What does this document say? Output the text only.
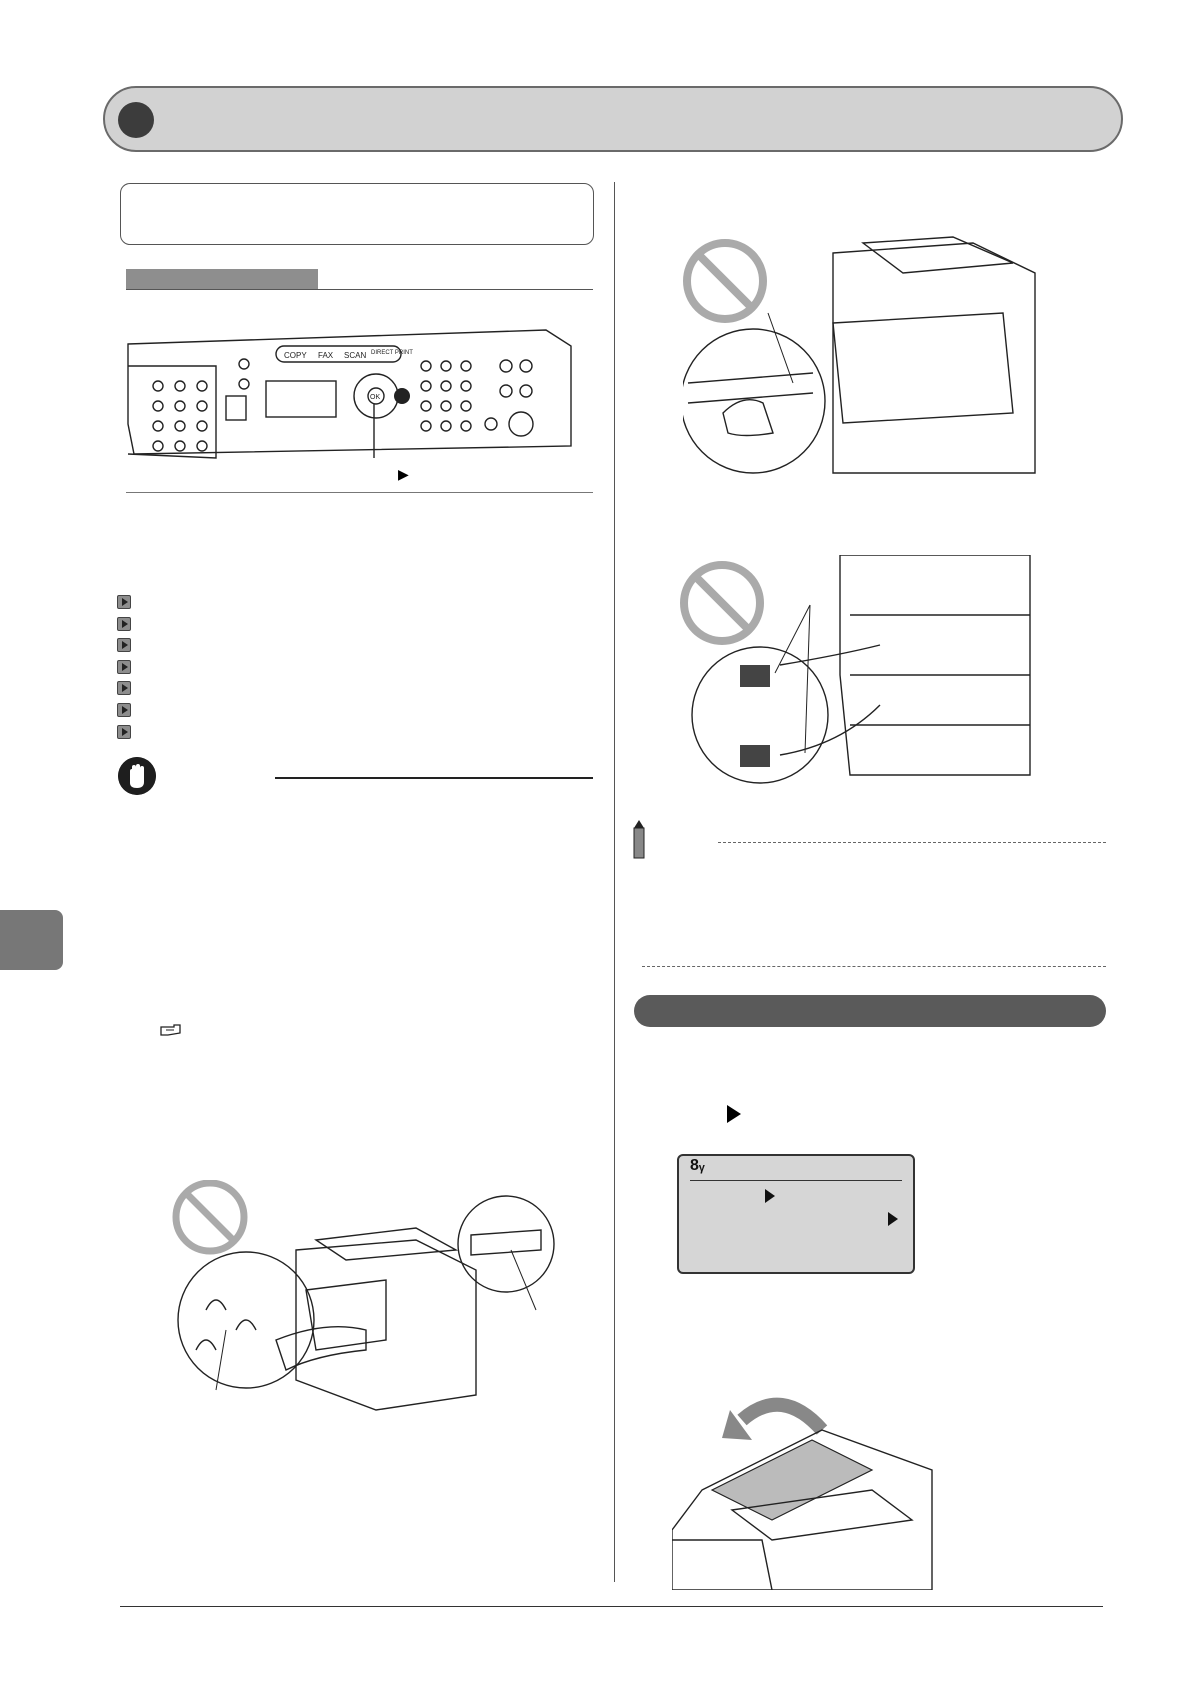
COPY FAX SCAN DIRECT PRINT
OK
▶
8ᵧ
